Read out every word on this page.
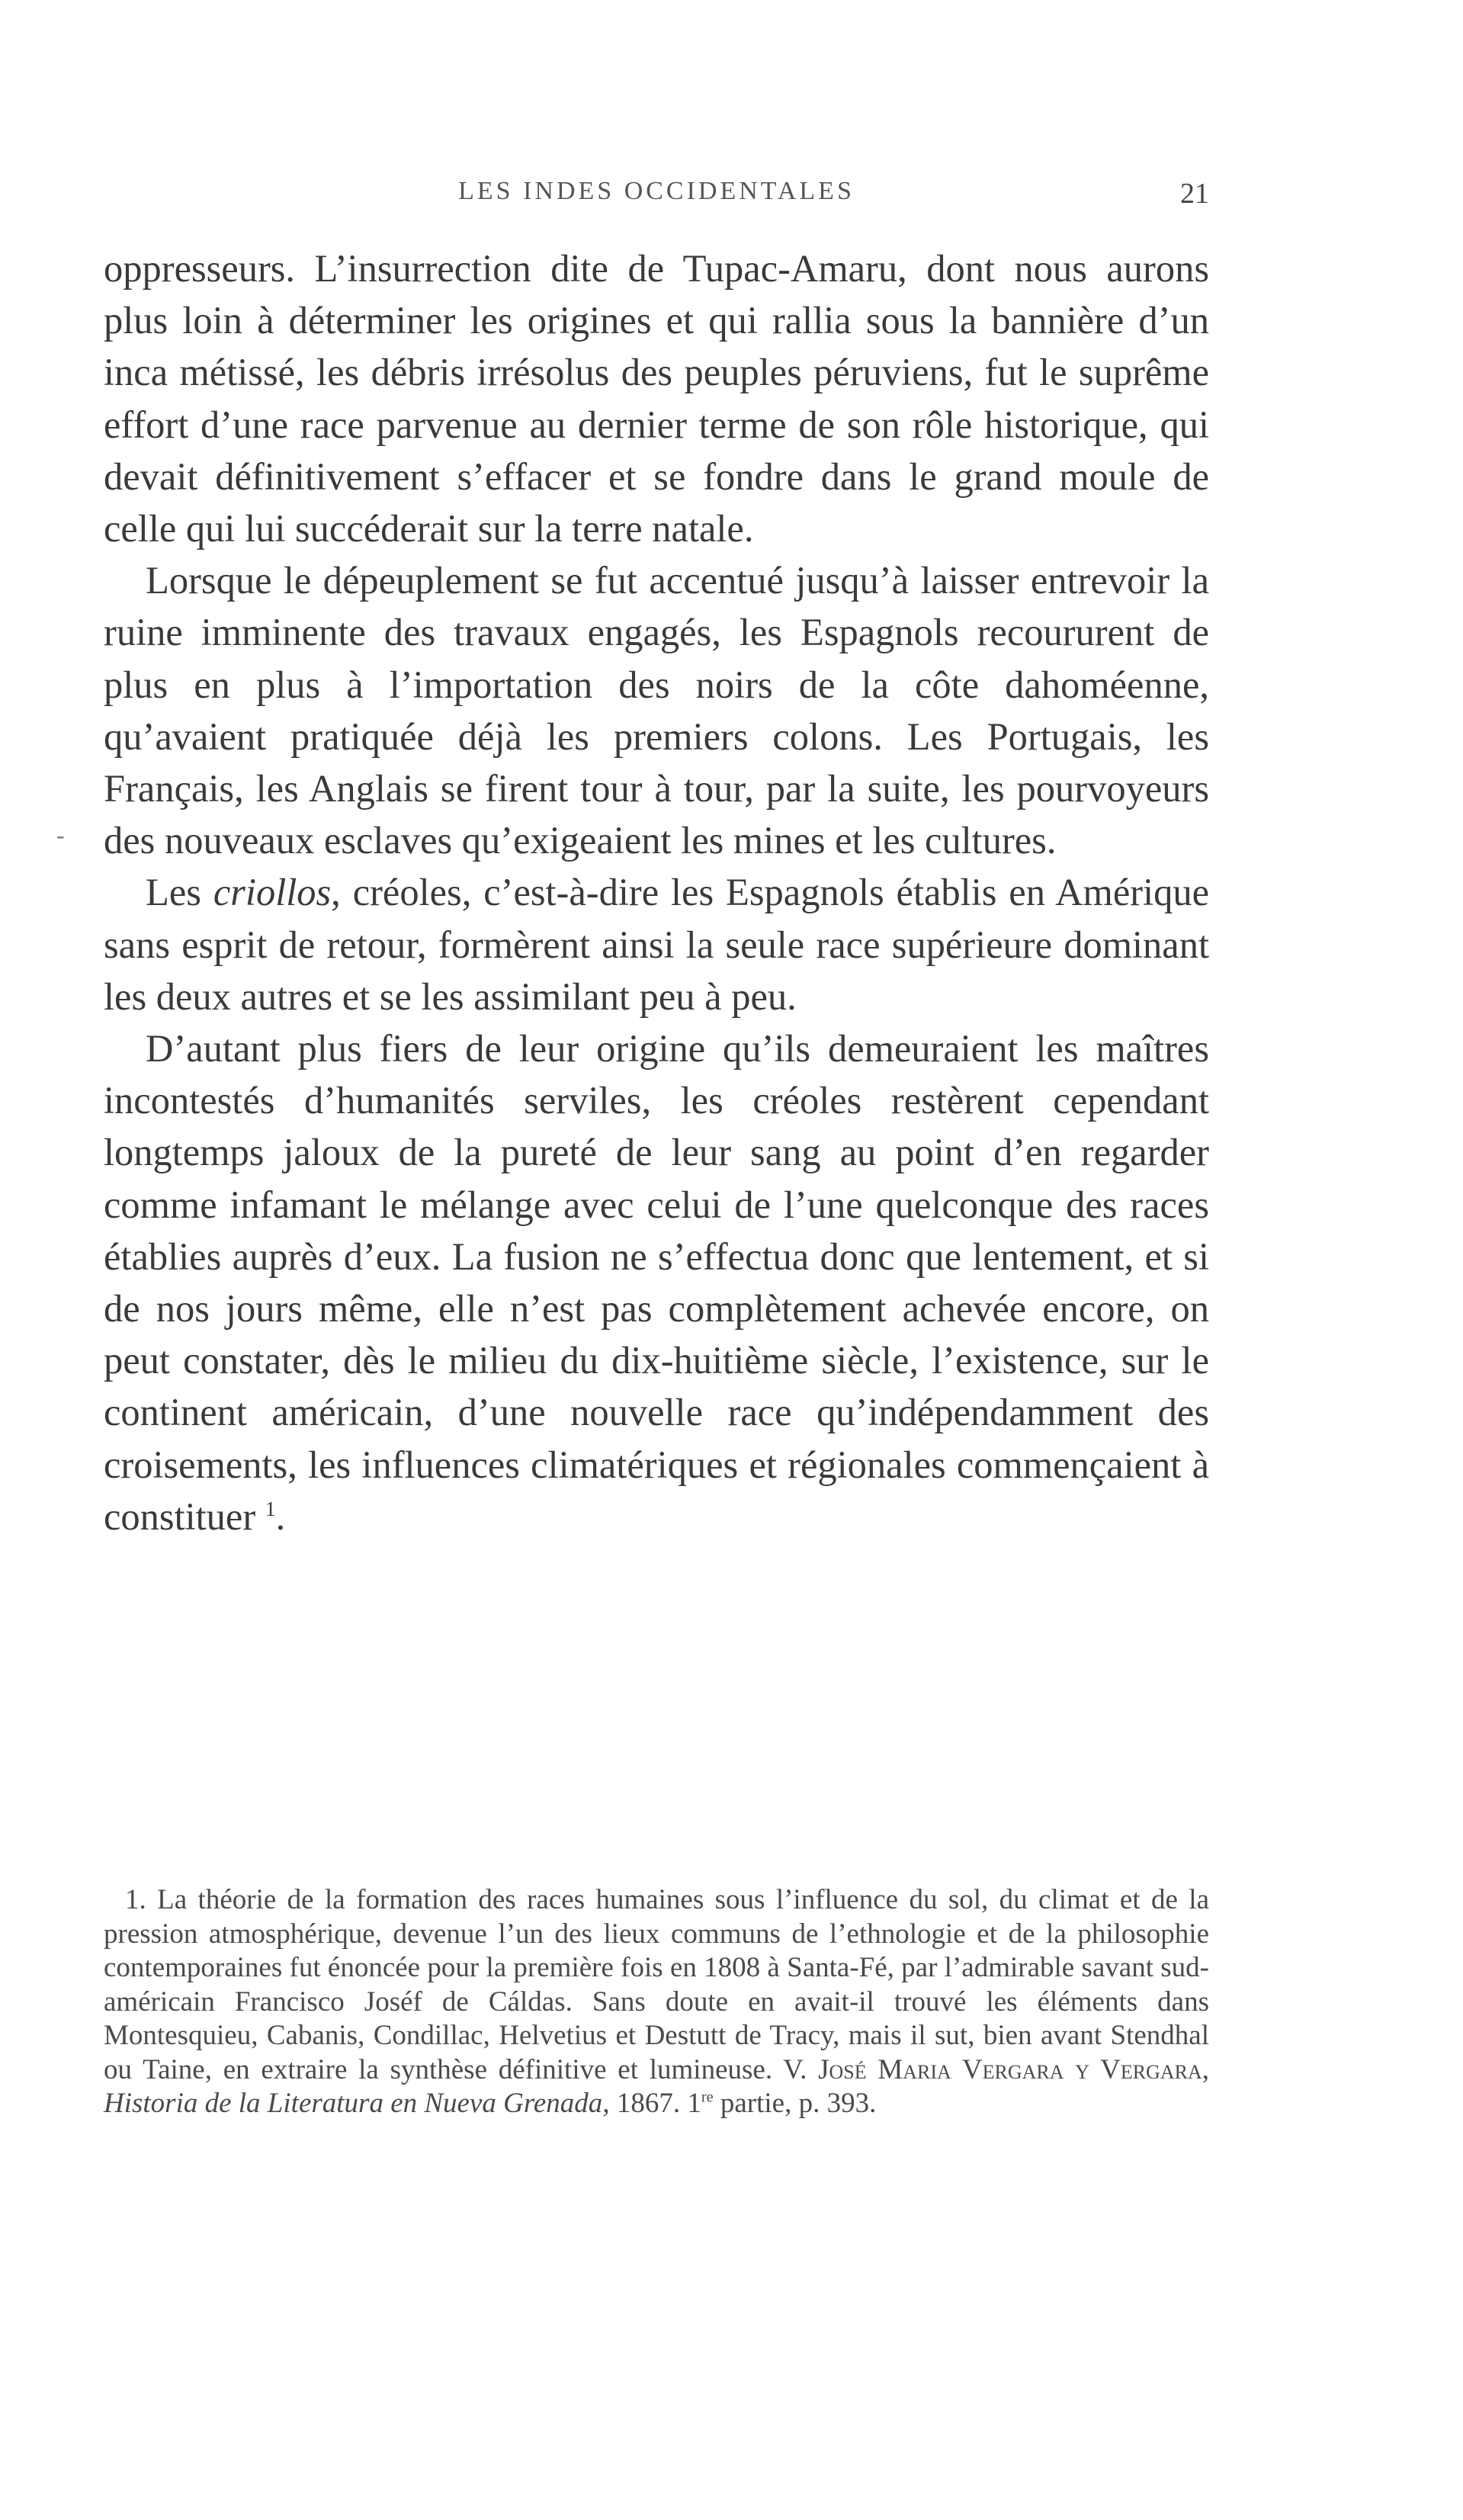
LES INDES OCCIDENTALES	21
-

oppresseurs. L’insurrection dite de Tupac-Amaru, dont nous aurons plus loin à déterminer les origines et qui rallia sous la bannière d’un inca métissé, les débris irrésolus des peuples péruviens, fut le suprême effort d’une race parvenue au dernier terme de son rôle historique, qui devait définitivement s’effacer et se fondre dans le grand moule de celle qui lui succéderait sur la terre natale.

Lorsque le dépeuplement se fut accentué jusqu’à laisser entrevoir la ruine imminente des travaux engagés, les Espagnols recoururent de plus en plus à l’importation des noirs de la côte dahoméenne, qu’avaient pratiquée déjà les premiers colons. Les Portugais, les Français, les Anglais se firent tour à tour, par la suite, les pourvoyeurs des nouveaux esclaves qu’exigeaient les mines et les cultures.

Les criollos, créoles, c’est-à-dire les Espagnols établis en Amérique sans esprit de retour, formèrent ainsi la seule race supérieure dominant les deux autres et se les assimilant peu à peu.

D’autant plus fiers de leur origine qu’ils demeuraient les maîtres incontestés d’humanités serviles, les créoles restèrent cependant longtemps jaloux de la pureté de leur sang au point d’en regarder comme infamant le mélange avec celui de l’une quelconque des races établies auprès d’eux. La fusion ne s’effectua donc que lentement, et si de nos jours même, elle n’est pas complètement achevée encore, on peut constater, dès le milieu du dix-huitième siècle, l’existence, sur le continent américain, d’une nouvelle race qu’indépendamment des croisements, les influences climatériques et régionales commençaient à constituer $^1$.

1. La théorie de la formation des races humaines sous l’influence du sol, du climat et de la pression atmosphérique, devenue l’un des lieux communs de l’ethnologie et de la philosophie contemporaines fut énoncée pour la première fois en 1808 à Santa-Fé, par l’admirable savant sud-américain Francisco Joséf de Cáldas. Sans doute en avait-il trouvé les éléments dans Montesquieu, Cabanis, Condillac, Helvetius et Destutt de Tracy, mais il sut, bien avant Stendhal ou Taine, en extraire la synthèse définitive et lumineuse. V. José Maria Vergara y Vergara, Historia de la Literatura en Nueva Grenada, 1867. 1re partie, p. 393.
